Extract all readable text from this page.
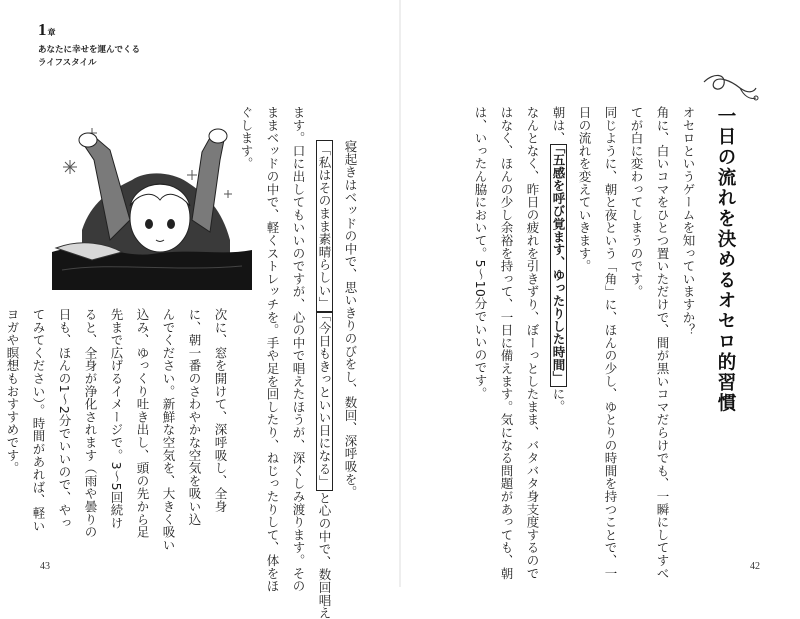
1章
あなたに幸せを運んでくる
ライフスタイル
寝起きはベッドの中で、思いきりのびをし、数回、深呼吸を。
「私はそのまま素晴らしい」「今日もきっといい日になる」と心の中で、数回唱え
ます。口に出してもいいのですが、心の中で唱えたほうが、深くしみ渡ります。その
ままベッドの中で、軽くストレッチを。手や足を回したり、ねじったりして、体をほ
ぐします。
次に、窓を開けて、深呼吸し、全身
に、朝一番のさわやかな空気を吸い込
んでください。新鮮な空気を、大きく吸い
込み、ゆっくり吐き出し、頭の先から足
先まで広げるイメージで。3〜5回続け
ると、全身が浄化されます（雨や曇りの
日も、ほんの1〜2分でいいので、やっ
てみてください）。時間があれば、軽い
ヨガや瞑想もおすすめです。
43
一日の流れを決めるオセロ的習慣
オセロというゲームを知っていますか？
角に、白いコマをひとつ置いただけで、間が黒いコマだらけでも、一瞬にしてすべ
てが白に変わってしまうのです。
同じように、朝と夜という「角」に、ほんの少し、ゆとりの時間を持つことで、一
日の流れを変えていきます。
朝は、「五感を呼び覚ます、ゆったりした時間」に。
なんとなく、昨日の疲れを引きずり、ぼーっとしたまま、バタバタ身支度するので
はなく、ほんの少し余裕を持って、一日に備えます。気になる問題があっても、朝
は、いったん脇において。5〜10分でいいのです。
42
